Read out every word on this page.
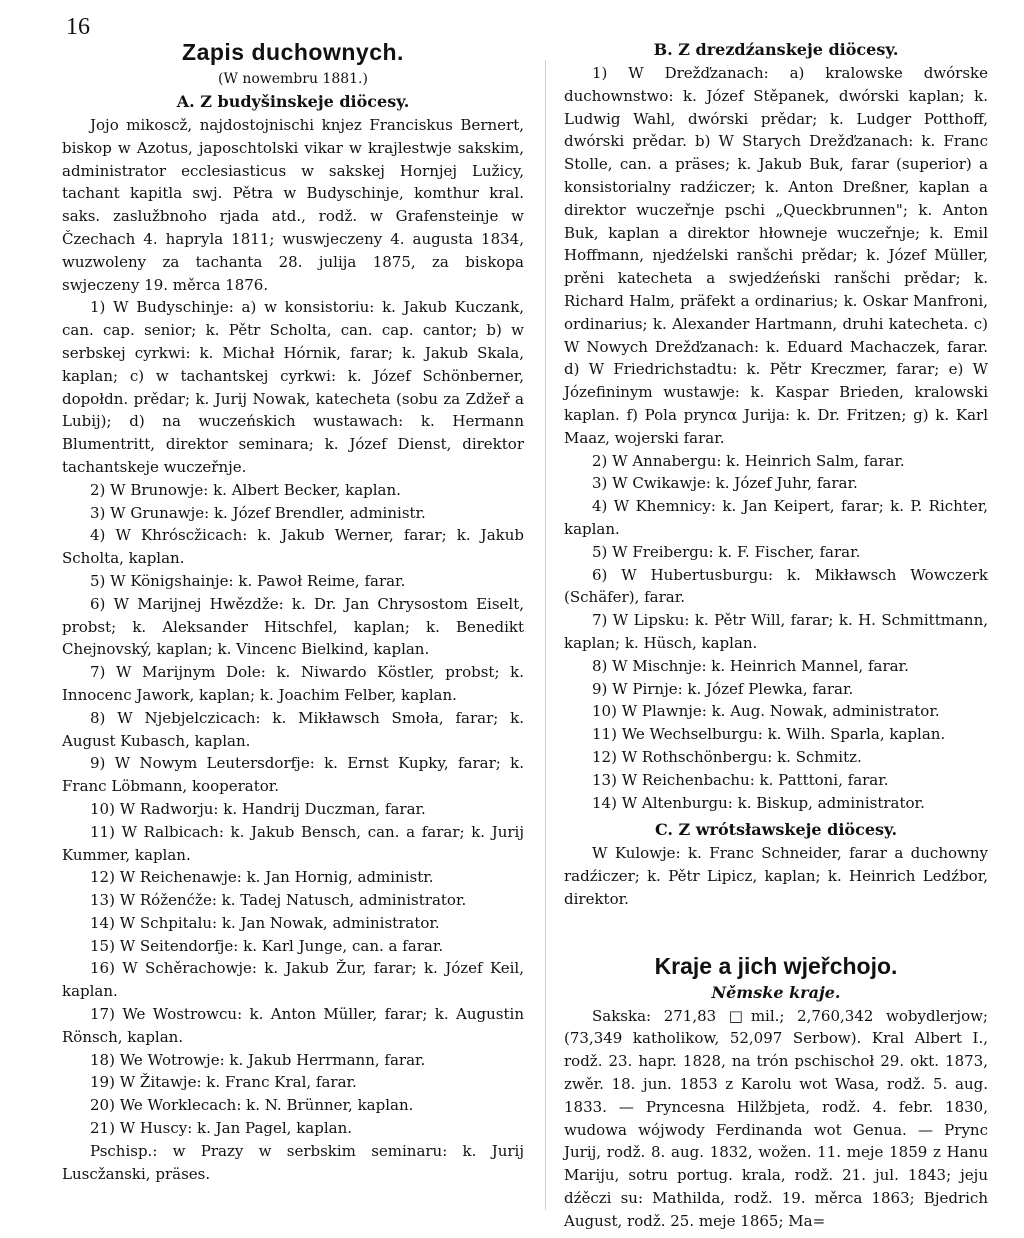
16
Zapis duchownych.

(W nowembru 1881.)

A. Z budyšinskeje diöcesy.

Jojo mikoscž, najdostojnischi knjez Franciskus Bernert, biskop w Azotus, japoschtolski vikar w krajlestwje sakskim, administrator ecclesiasticus w sakskej Hornjej Lužicy, tachant kapitla swj. Pětra w Budyschinje, komthur kral. saks. zaslužbnoho rjada atd., rodž. w Grafensteinje w Čzechach 4. hapryla 1811; wuswjeczeny 4. augusta 1834, wuzwoleny za tachanta 28. julija 1875, za biskopa swjeczeny 19. měrca 1876.

1) W Budyschinje: a) w konsistoriu: k. Jakub Kuczank, can. cap. senior; k. Pětr Scholta, can. cap. cantor; b) w serbskej cyrkwi: k. Michał Hórnik, farar; k. Jakub Skala, kaplan; c) w tachantskej cyrkwi: k. Józef Schönberner, dopołdn. prědar; k. Jurij Nowak, katecheta (sobu za Zdžeř a Lubij); d) na wuczeńskich wustawach: k. Hermann Blumentritt, direktor seminara; k. Józef Dienst, direktor tachantskeje wuczeřnje.

2) W Brunowje: k. Albert Becker, kaplan.

3) W Grunawje: k. Józef Brendler, administr.

4) W Khróscžicach: k. Jakub Werner, farar; k. Jakub Scholta, kaplan.

5) W Königshainje: k. Pawoł Reime, farar.

6) W Marijnej Hwězdže: k. Dr. Jan Chrysostom Eiselt, probst; k. Aleksander Hitschfel, kaplan; k. Benedikt Chejnovský, kaplan; k. Vincenc Bielkind, kaplan.

7) W Marijnym Dole: k. Niwardo Köstler, probst; k. Innocenc Jawork, kaplan; k. Joachim Felber, kaplan.

8) W Njebjelczicach: k. Mikławsch Smoła, farar; k. August Kubasch, kaplan.

9) W Nowym Leutersdorfje: k. Ernst Kupky, farar; k. Franc Löbmann, kooperator.

10) W Radworju: k. Handrij Duczman, farar.

11) W Ralbicach: k. Jakub Bensch, can. a farar; k. Jurij Kummer, kaplan.

12) W Reichenawje: k. Jan Hornig, administr.

13) W Róženćže: k. Tadej Natusch, administrator.

14) W Schpitalu: k. Jan Nowak, administrator.

15) W Seitendorfje: k. Karl Junge, can. a farar.

16) W Schěrachowje: k. Jakub Žur, farar; k. Józef Keil, kaplan.

17) We Wostrowcu: k. Anton Müller, farar; k. Augustin Rönsch, kaplan.

18) We Wotrowje: k. Jakub Herrmann, farar.

19) W Žitawje: k. Franc Kral, farar.

20) We Worklecach: k. N. Brünner, kaplan.

21) W Huscy: k. Jan Pagel, kaplan.

Pschisp.: w Prazy w serbskim seminaru: k. Jurij Luscžanski, präses.

B. Z drezdźanskeje diöcesy.

1) W Drežďzanach: a) kralowske dwórske duchownstwo: k. Józef Stěpanek, dwórski kaplan; k. Ludwig Wahl, dwórski prědar; k. Ludger Potthoff, dwórski prědar. b) W Starych Drežďzanach: k. Franc Stolle, can. a präses; k. Jakub Buk, farar (superior) a konsistorialny radźiczer; k. Anton Dreßner, kaplan a direktor wuczeřnje pschi „Queckbrunnen"; k. Anton Buk, kaplan a direktor hłowneje wuczeřnje; k. Emil Hoffmann, njedźelski ranšchi prědar; k. Józef Müller, prěni katecheta a swjedźeński ranšchi prědar; k. Richard Halm, präfekt a ordinarius; k. Oskar Manfroni, ordinarius; k. Alexander Hartmann, druhi katecheta. c) W Nowych Drežďzanach: k. Eduard Machaczek, farar. d) W Friedrichstadtu: k. Pětr Kreczmer, farar; e) W Józefininym wustawje: k. Kaspar Brieden, kralowski kaplan. f) Pola pryncα Jurija: k. Dr. Fritzen; g) k. Karl Maaz, wojerski farar.

2) W Annabergu: k. Heinrich Salm, farar.

3) W Cwikawje: k. Józef Juhr, farar.

4) W Khemnicy: k. Jan Keipert, farar; k. P. Richter, kaplan.

5) W Freibergu: k. F. Fischer, farar.

6) W Hubertusburgu: k. Mikławsch Wowczerk (Schäfer), farar.

7) W Lipsku: k. Pětr Will, farar; k. H. Schmittmann, kaplan; k. Hüsch, kaplan.

8) W Mischnje: k. Heinrich Mannel, farar.

9) W Pirnje: k. Józef Plewka, farar.

10) W Plawnje: k. Aug. Nowak, administrator.

11) We Wechselburgu: k. Wilh. Sparla, kaplan.

12) W Rothschönbergu: k. Schmitz.

13) W Reichenbachu: k. Patttoni, farar.

14) W Altenburgu: k. Biskup, administrator.

C. Z wrótsławskeje diöcesy.

W Kulowje: k. Franc Schneider, farar a duchowny radźiczer; k. Pětr Lipicz, kaplan; k. Heinrich Ledźbor, direktor.

Kraje a jich wjeřchojo.

Němske kraje.

Sakska: 271,83 □mil.; 2,760,342 wobydlerjow; (73,349 katholikow, 52,097 Serbow). Kral Albert I., rodž. 23. hapr. 1828, na trón pschischoł 29. okt. 1873, zwěr. 18. jun. 1853 z Karolu wot Wasa, rodž. 5. aug. 1833. — Pryncesna Hilžbjeta, rodž. 4. febr. 1830, wudowa wójwody Ferdinanda wot Genua. — Prync Jurij, rodž. 8. aug. 1832, wožen. 11. meje 1859 z Hanu Mariju, sotru portug. krala, rodž. 21. jul. 1843; jeju dźěczi su: Mathilda, rodž. 19. měrca 1863; Bjedrich August, rodž. 25. meje 1865; Ma=
